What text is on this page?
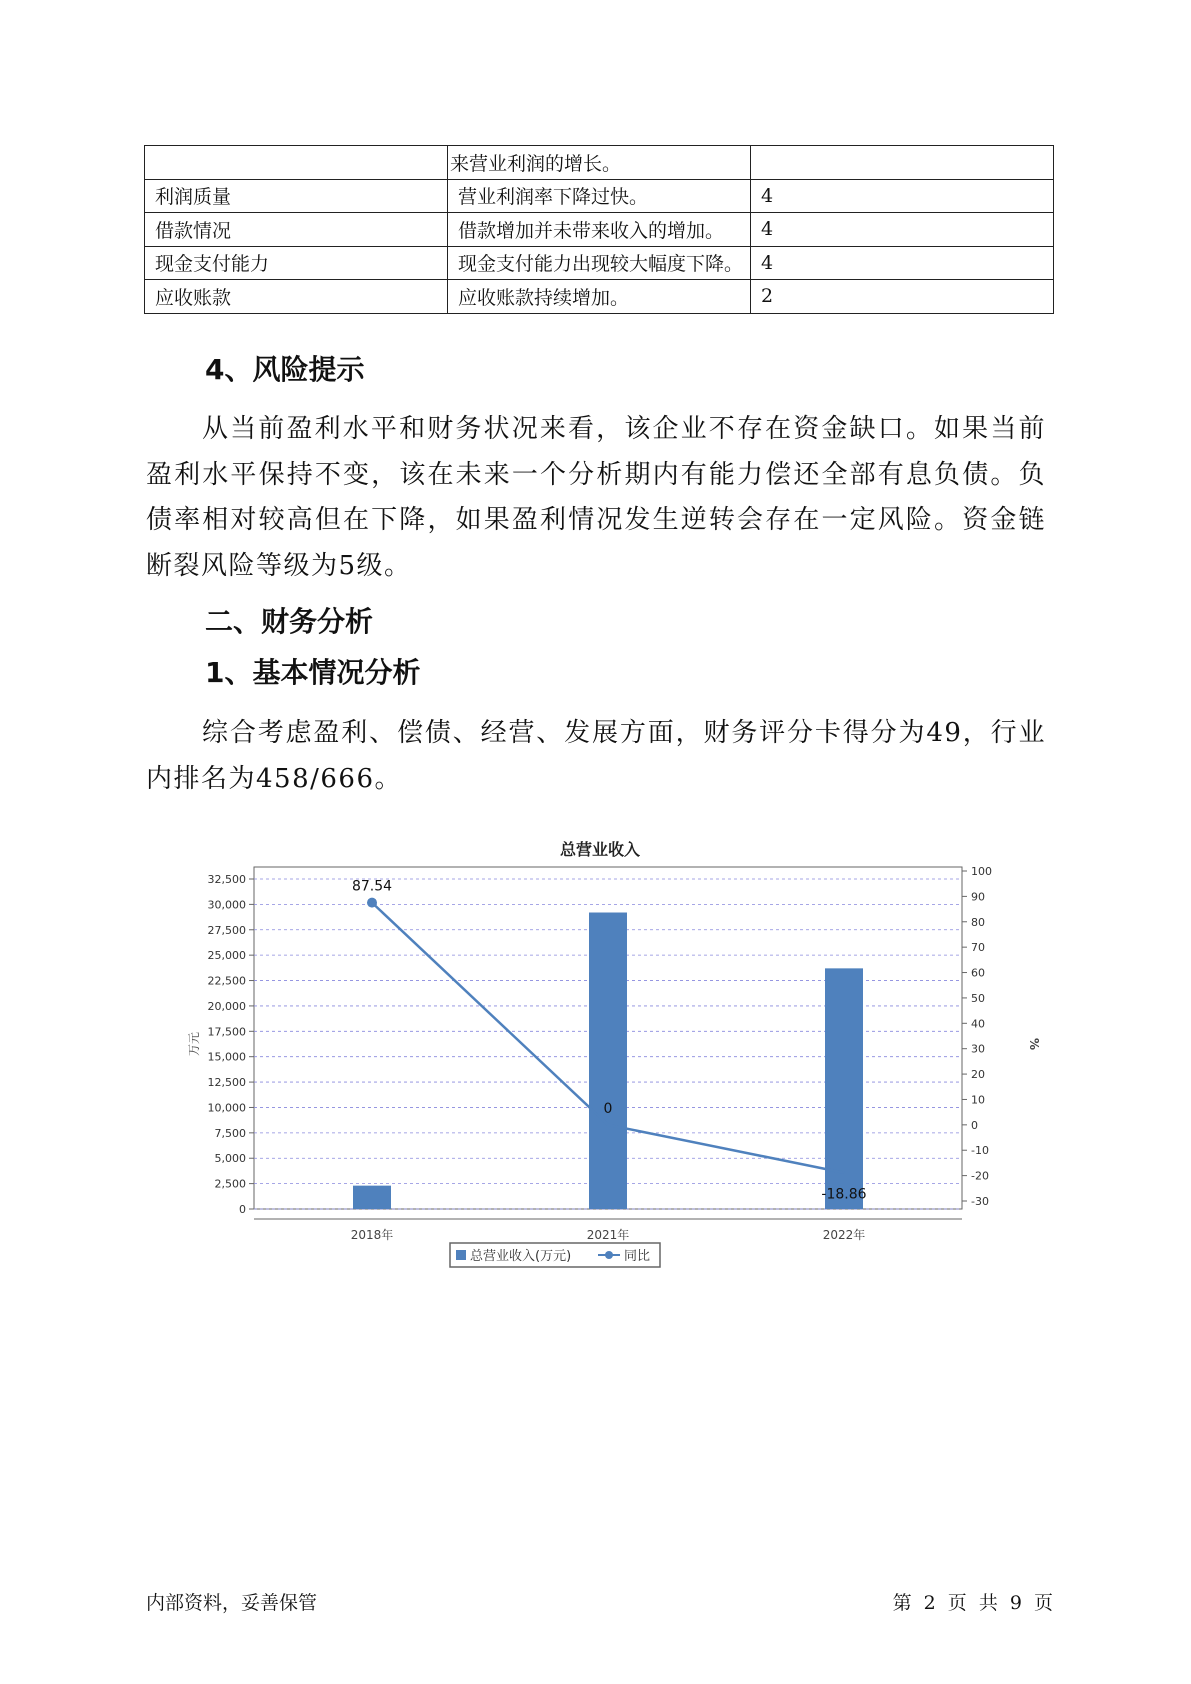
	来营业利润的增长。	
利润质量	营业利润率下降过快。	4
借款情况	借款增加并未带来收入的增加。	4
现金支付能力	现金支付能力出现较大幅度下降。	4
应收账款	应收账款持续增加。	2
4、风险提示
从当前盈利水平和财务状况来看，该企业不存在资金缺口。如果当前盈利水平保持不变，该在未来一个分析期内有能力偿还全部有息负债。负债率相对较高但在下降，如果盈利情况发生逆转会存在一定风险。资金链断裂风险等级为5级。
二、财务分析
1、基本情况分析
综合考虑盈利、偿债、经营、发展方面，财务评分卡得分为49，行业内排名为458/666。
总营业收入
0
2,500
5,000
7,500
10,000
12,500
15,000
17,500
20,000
22,500
25,000
27,500
30,000
32,500
-30
-20
-10
0
10
20
30
40
50
60
70
80
90
100
万元	%
2018年	2021年	2022年
87.54
0
-18.86
总营业收入(万元)	同比
内部资料，妥善保管	第 2 页 共 9 页
